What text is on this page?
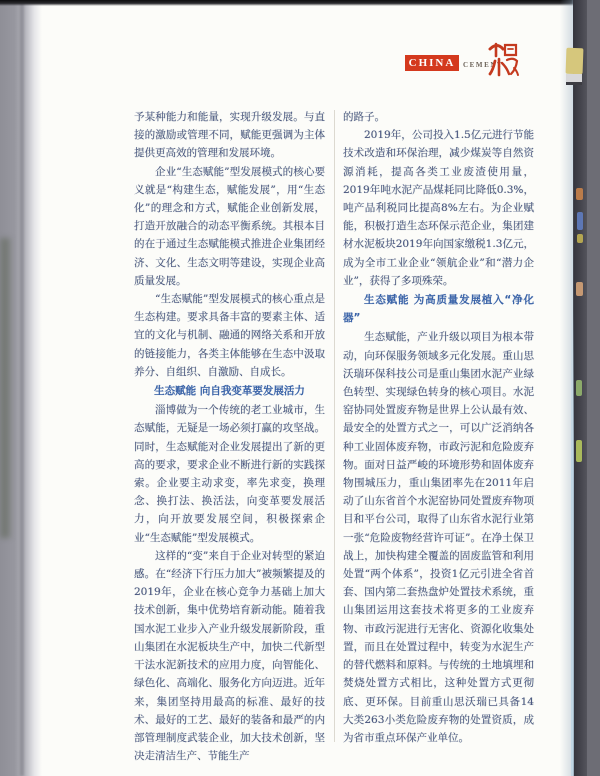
CHINA CEMENT

予某种能力和能量，实现升级发展。与直接的激励或管理不同，赋能更强调为主体提供更高效的管理和发展环境。

企业“生态赋能”型发展模式的核心要义就是“构建生态，赋能发展”，用“生态化”的理念和方式，赋能企业创新发展，打造开放融合的动态平衡系统。其根本目的在于通过生态赋能模式推进企业集团经济、文化、生态文明等建设，实现企业高质量发展。

“生态赋能”型发展模式的核心重点是生态构建。要求具备丰富的要素主体、适宜的文化与机制、融通的网络关系和开放的链接能力，各类主体能够在生态中汲取养分、自组织、自激励、自成长。

生态赋能 向自我变革要发展活力

淄博做为一个传统的老工业城市，生态赋能，无疑是一场必须打赢的攻坚战。同时，生态赋能对企业发展提出了新的更高的要求，要求企业不断进行新的实践探索。企业要主动求变，率先求变，换理念、换打法、换活法，向变革要发展活力，向开放要发展空间，积极探索企业“生态赋能”型发展模式。

这样的“变”来自于企业对转型的紧迫感。在“经济下行压力加大”被频繁提及的2019年，企业在核心竞争力基础上加大技术创新，集中优势培育新动能。随着我国水泥工业步入产业升级发展新阶段，重山集团在水泥板块生产中，加快二代新型干法水泥新技术的应用力度，向智能化、绿色化、高端化、服务化方向迈进。近年来，集团坚持用最高的标准、最好的技术、最好的工艺、最好的装备和最严的内部管理制度武装企业，加大技术创新，坚决走清洁生产、节能生产

的路子。

2019年，公司投入1.5亿元进行节能技术改造和环保治理，减少煤炭等自然资源消耗，提高各类工业废渣使用量，2019年吨水泥产品煤耗同比降低0.3%，吨产品利税同比提高8%左右。为企业赋能，积极打造生态环保示范企业，集团建材水泥板块2019年向国家缴税1.3亿元，成为全市工业企业“领航企业”和“潜力企业”，获得了多项殊荣。

生态赋能 为高质量发展植入“净化器”

生态赋能，产业升级以项目为根本带动，向环保服务领域多元化发展。重山思沃瑞环保科技公司是重山集团水泥产业绿色转型、实现绿色转身的核心项目。水泥窑协同处置废弃物是世界上公认最有效、最安全的处置方式之一，可以广泛消纳各种工业固体废弃物，市政污泥和危险废弃物。面对日益严峻的环境形势和固体废弃物围城压力，重山集团率先在2011年启动了山东省首个水泥窑协同处置废弃物项目和平台公司，取得了山东省水泥行业第一张“危险废物经营许可证”。在净土保卫战上，加快构建全覆盖的固废监管和利用处置“两个体系”，投资1亿元引进全省首套、国内第二套热盘炉处置技术系统，重山集团运用这套技术将更多的工业废弃物、市政污泥进行无害化、资源化收集处置，而且在处置过程中，转变为水泥生产的替代燃料和原料。与传统的土地填埋和焚烧处置方式相比，这种处置方式更彻底、更环保。目前重山思沃瑞已具备14大类263小类危险废弃物的处置资质，成为省市重点环保产业单位。
